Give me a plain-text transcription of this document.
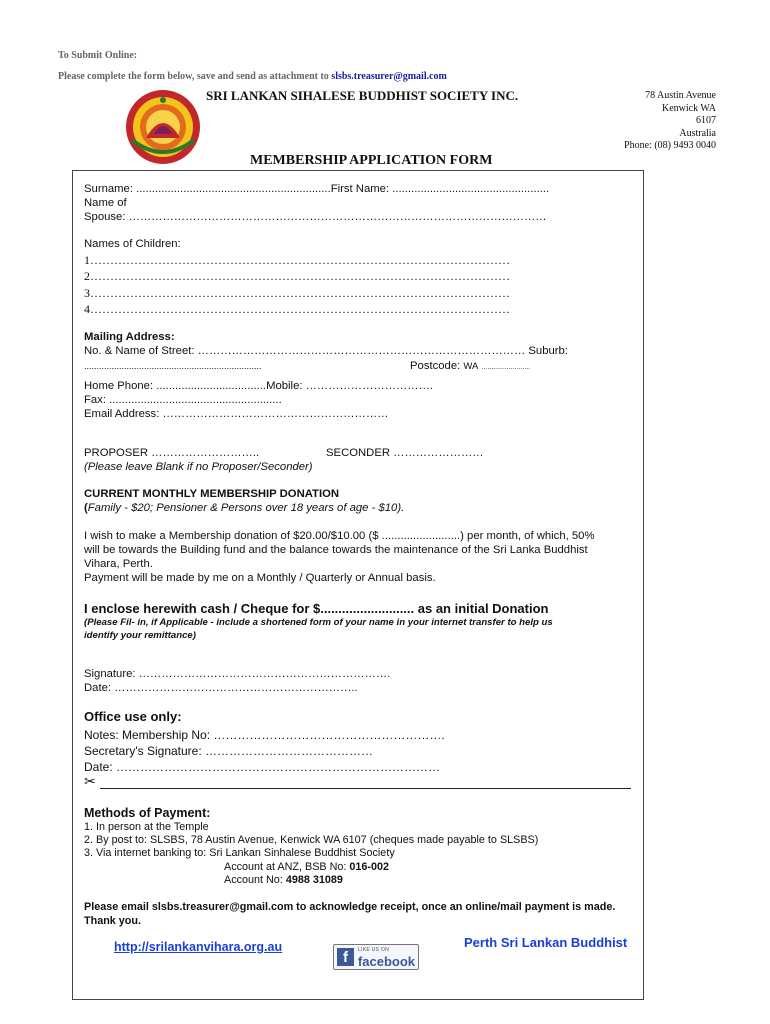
To Submit Online:
Please complete the form below, save and send as attachment to slsbs.treasurer@gmail.com
SRI LANKAN SIHALESE BUDDHIST SOCIETY INC.	78 Austin Avenue
Kenwick WA
6107
Australia
Phone: (08) 9493 0040
MEMBERSHIP APPLICATION FORM
Surname: ..............................................................First Name: ..................................................
Name of
Spouse: …………………………………………………………………………………………………
Names of Children:
1……………………………………………………………………………………………
2……………………………………………………………………………………………
3……………………………………………………………………………………………
4……………………………………………………………………………………………
Mailing Address:
No. & Name of Street: …………………………………………………………………………… Suburb:
.......................................................................	Postcode: WA .........................
Home Phone: ...................................Mobile: …………………………….
Fax: .......................................................
Email Address: ……………………………………………………
PROPOSER ………………………..	SECONDER ……………………
(Please leave Blank if no Proposer/Seconder)
CURRENT MONTHLY MEMBERSHIP DONATION
(Family - $20; Pensioner & Persons over 18 years of age - $10).
I wish to make a Membership donation of $20.00/$10.00 ($ .........................) per month, of which, 50%
will be towards the Building fund and the balance towards the maintenance of the Sri Lanka Buddhist
Vihara, Perth.
Payment will be made by me on a Monthly / Quarterly or Annual basis.
I enclose herewith cash / Cheque for $.......................... as an initial Donation
(Please Fil- in, if Applicable - include a shortened form of your name in your internet transfer to help us
identify your remittance)
Signature: ………………………………………………………….
Date: ………………………………………………………..
Office use only:
Notes: Membership No: ………………………………………………….
Secretary's Signature: ……………………………………
Date: ………………………………………………………………………
✂
Methods of Payment:
1. In person at the Temple
2. By post to: SLSBS, 78 Austin Avenue, Kenwick WA 6107 (cheques made payable to SLSBS)
3. Via internet banking to: Sri Lankan Sinhalese Buddhist Society
Account at ANZ, BSB No: 016-002
Account No: 4988 31089
Please email slsbs.treasurer@gmail.com to acknowledge receipt, once an online/mail payment is made.
Thank you.
http://srilankanvihara.org.au
f	LIKE US ON
facebook
Perth Sri Lankan Buddhist
